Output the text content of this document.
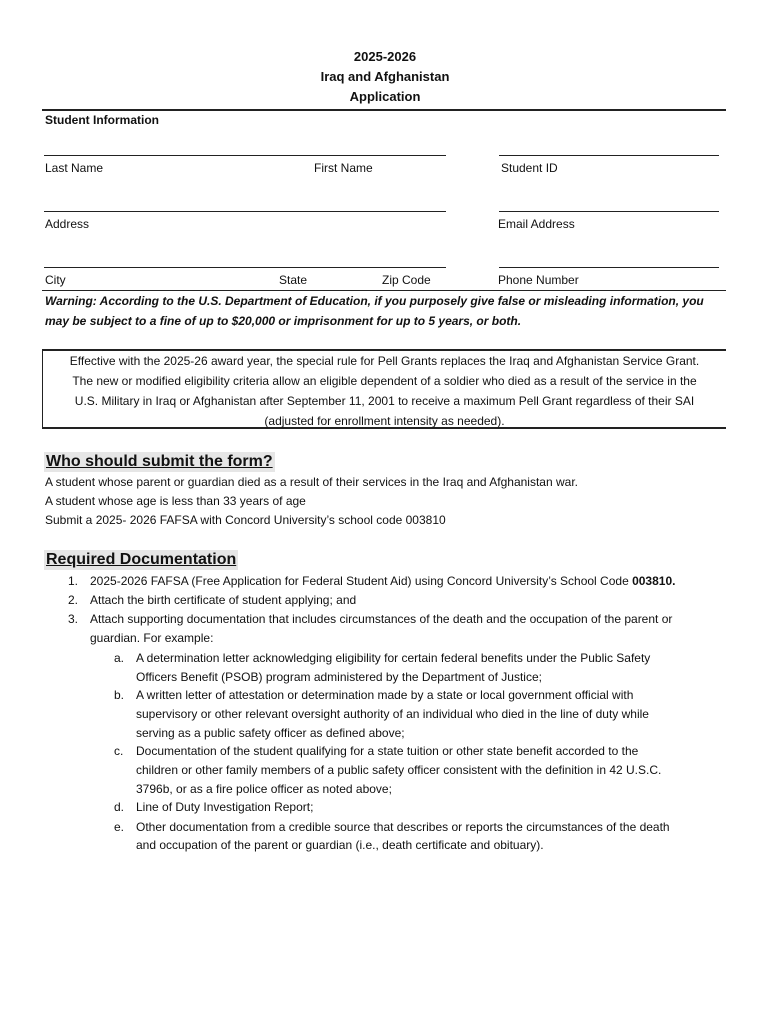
2025-2026
Iraq and Afghanistan
Application
Student Information
Last Name	First Name	Student ID
Address	Email Address
City	State	Zip Code	Phone Number
Warning: According to the U.S. Department of Education, if you purposely give false or misleading information, you
may be subject to a fine of up to $20,000 or imprisonment for up to 5 years, or both.
Effective with the 2025-26 award year, the special rule for Pell Grants replaces the Iraq and Afghanistan Service Grant.
The new or modified eligibility criteria allow an eligible dependent of a soldier who died as a result of the service in the
U.S. Military in Iraq or Afghanistan after September 11, 2001 to receive a maximum Pell Grant regardless of their SAI
(adjusted for enrollment intensity as needed).
Who should submit the form?
A student whose parent or guardian died as a result of their services in the Iraq and Afghanistan war.
A student whose age is less than 33 years of age
Submit a 2025- 2026 FAFSA with Concord University’s school code 003810
Required Documentation
1. 2025-2026 FAFSA (Free Application for Federal Student Aid) using Concord University’s School Code 003810.
2. Attach the birth certificate of student applying; and
3. Attach supporting documentation that includes circumstances of the death and the occupation of the parent or
guardian. For example:
a. A determination letter acknowledging eligibility for certain federal benefits under the Public Safety
Officers Benefit (PSOB) program administered by the Department of Justice;
b. A written letter of attestation or determination made by a state or local government official with
supervisory or other relevant oversight authority of an individual who died in the line of duty while
serving as a public safety officer as defined above;
c. Documentation of the student qualifying for a state tuition or other state benefit accorded to the
children or other family members of a public safety officer consistent with the definition in 42 U.S.C.
3796b, or as a fire police officer as noted above;
d. Line of Duty Investigation Report;
e. Other documentation from a credible source that describes or reports the circumstances of the death
and occupation of the parent or guardian (i.e., death certificate and obituary).
